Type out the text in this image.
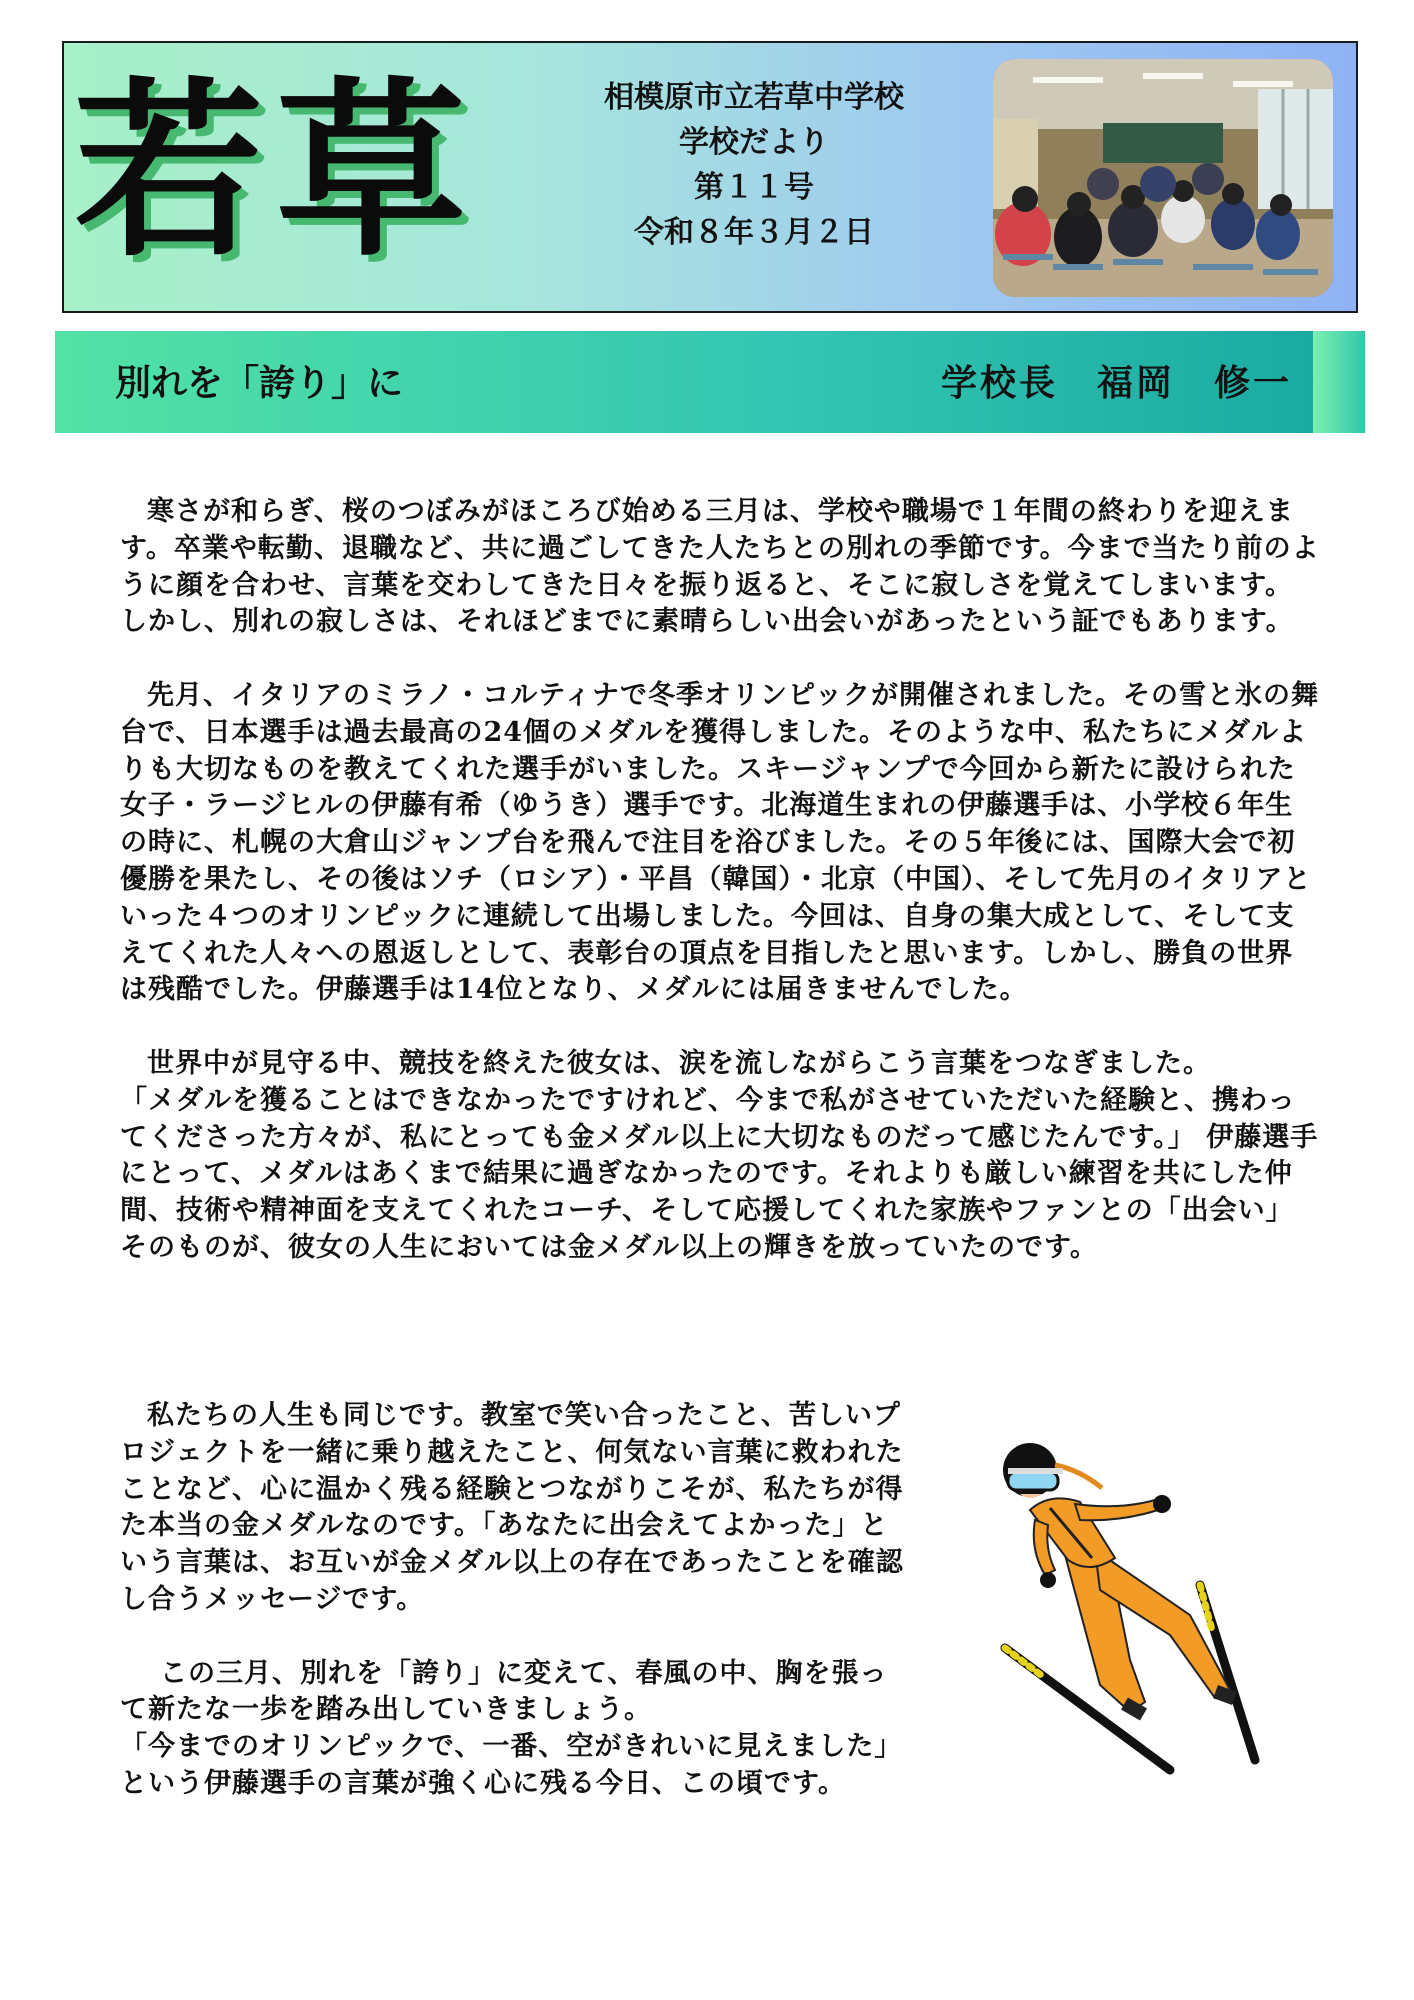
若草	相模原市立若草中学校
学校だより
第１１号
令和８年３月２日
別れを「誇り」に	学校長　福岡　修一

寒さが和らぎ、桜のつぼみがほころび始める三月は、学校や職場で１年間の終わりを迎えます。卒業や転勤、退職など、共に過ごしてきた人たちとの別れの季節です。今まで当たり前のように顔を合わせ、言葉を交わしてきた日々を振り返ると、そこに寂しさを覚えてしまいます。しかし、別れの寂しさは、それほどまでに素晴らしい出会いがあったという証でもあります。

先月、イタリアのミラノ・コルティナで冬季オリンピックが開催されました。その雪と氷の舞台で、日本選手は過去最高の24個のメダルを獲得しました。そのような中、私たちにメダルよりも大切なものを教えてくれた選手がいました。スキージャンプで今回から新たに設けられた女子・ラージヒルの伊藤有希（ゆうき）選手です。北海道生まれの伊藤選手は、小学校６年生の時に、札幌の大倉山ジャンプ台を飛んで注目を浴びました。その５年後には、国際大会で初優勝を果たし、その後はソチ（ロシア）・平昌（韓国）・北京（中国）、そして先月のイタリアといった４つのオリンピックに連続して出場しました。今回は、自身の集大成として、そして支えてくれた人々への恩返しとして、表彰台の頂点を目指したと思います。しかし、勝負の世界は残酷でした。伊藤選手は14位となり、メダルには届きませんでした。

世界中が見守る中、競技を終えた彼女は、涙を流しながらこう言葉をつなぎました。

「メダルを獲ることはできなかったですけれど、今まで私がさせていただいた経験と、携わってくださった方々が、私にとっても金メダル以上に大切なものだって感じたんです。」 伊藤選手にとって、メダルはあくまで結果に過ぎなかったのです。それよりも厳しい練習を共にした仲間、技術や精神面を支えてくれたコーチ、そして応援してくれた家族やファンとの「出会い」そのものが、彼女の人生においては金メダル以上の輝きを放っていたのです。

私たちの人生も同じです。教室で笑い合ったこと、苦しいプロジェクトを一緒に乗り越えたこと、何気ない言葉に救われたことなど、心に温かく残る経験とつながりこそが、私たちが得た本当の金メダルなのです。「あなたに出会えてよかった」という言葉は、お互いが金メダル以上の存在であったことを確認し合うメッセージです。

この三月、別れを「誇り」に変えて、春風の中、胸を張って新たな一歩を踏み出していきましょう。

「今までのオリンピックで、一番、空がきれいに見えました」という伊藤選手の言葉が強く心に残る今日、この頃です。
